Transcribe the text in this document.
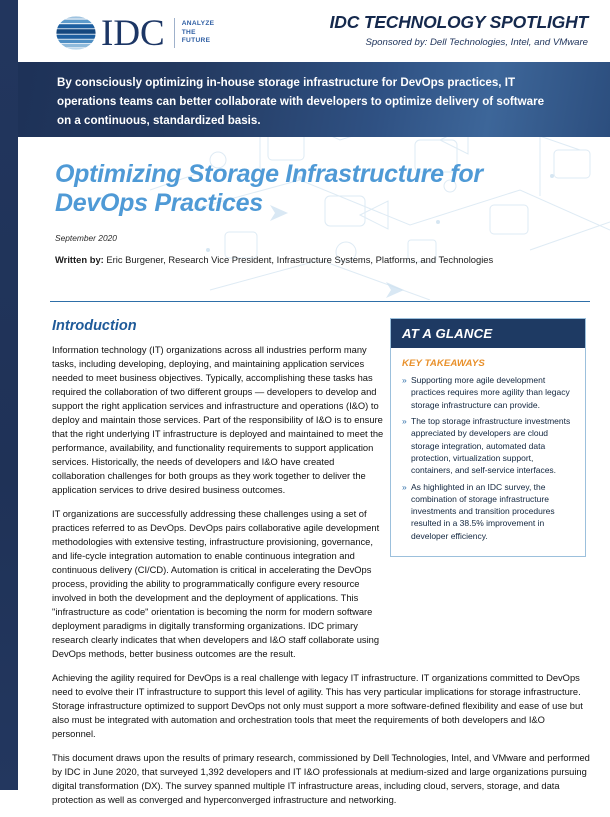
IDC	ANALYZE
THE
FUTURE
IDC TECHNOLOGY SPOTLIGHT
Sponsored by: Dell Technologies, Intel, and VMware
By consciously optimizing in-house storage infrastructure for DevOps practices, IT operations teams can better collaborate with developers to optimize delivery of software on a continuous, standardized basis.
Optimizing Storage Infrastructure for DevOps Practices
September 2020
Written by: Eric Burgener, Research Vice President, Infrastructure Systems, Platforms, and Technologies
Introduction

Information technology (IT) organizations across all industries perform many tasks, including developing, deploying, and maintaining application services needed to meet business objectives. Typically, accomplishing these tasks has required the collaboration of two different groups — developers to develop and support the right application services and infrastructure and operations (I&O) to deploy and maintain those services. Part of the responsibility of I&O is to ensure that the right underlying IT infrastructure is deployed and maintained to meet the performance, availability, and functionality requirements to support application services. Historically, the needs of developers and I&O have created collaboration challenges for both groups as they work together to deliver the application services to drive desired business outcomes.

IT organizations are successfully addressing these challenges using a set of practices referred to as DevOps. DevOps pairs collaborative agile development methodologies with extensive testing, infrastructure provisioning, governance, and life-cycle integration automation to enable continuous integration and continuous delivery (CI/CD). Automation is critical in accelerating the DevOps process, providing the ability to programmatically configure every resource involved in both the development and the deployment of applications. This "infrastructure as code" orientation is becoming the norm for modern software deployment paradigms in digitally transforming organizations. IDC primary research clearly indicates that when developers and I&O staff collaborate using DevOps methods, better business outcomes are the result.

Achieving the agility required for DevOps is a real challenge with legacy IT infrastructure. IT organizations committed to DevOps need to evolve their IT infrastructure to support this level of agility. This has very particular implications for storage infrastructure. Storage infrastructure optimized to support DevOps not only must support a more software-defined flexibility and ease of use but also must be integrated with automation and orchestration tools that meet the requirements of both developers and I&O personnel.

This document draws upon the results of primary research, commissioned by Dell Technologies, Intel, and VMware and performed by IDC in June 2020, that surveyed 1,392 developers and IT I&O professionals at medium-sized and large organizations pursuing digital transformation (DX). The survey spanned multiple IT infrastructure areas, including cloud, servers, storage, and data protection as well as converged and hyperconverged infrastructure and networking.

AT A GLANCE
KEY TAKEAWAYS
» Supporting more agile development practices requires more agility than legacy storage infrastructure can provide.
» The top storage infrastructure investments appreciated by developers are cloud storage integration, automated data protection, virtualization support, containers, and self-service interfaces.
» As highlighted in an IDC survey, the combination of storage infrastructure investments and transition procedures resulted in a 38.5% improvement in developer efficiency.
